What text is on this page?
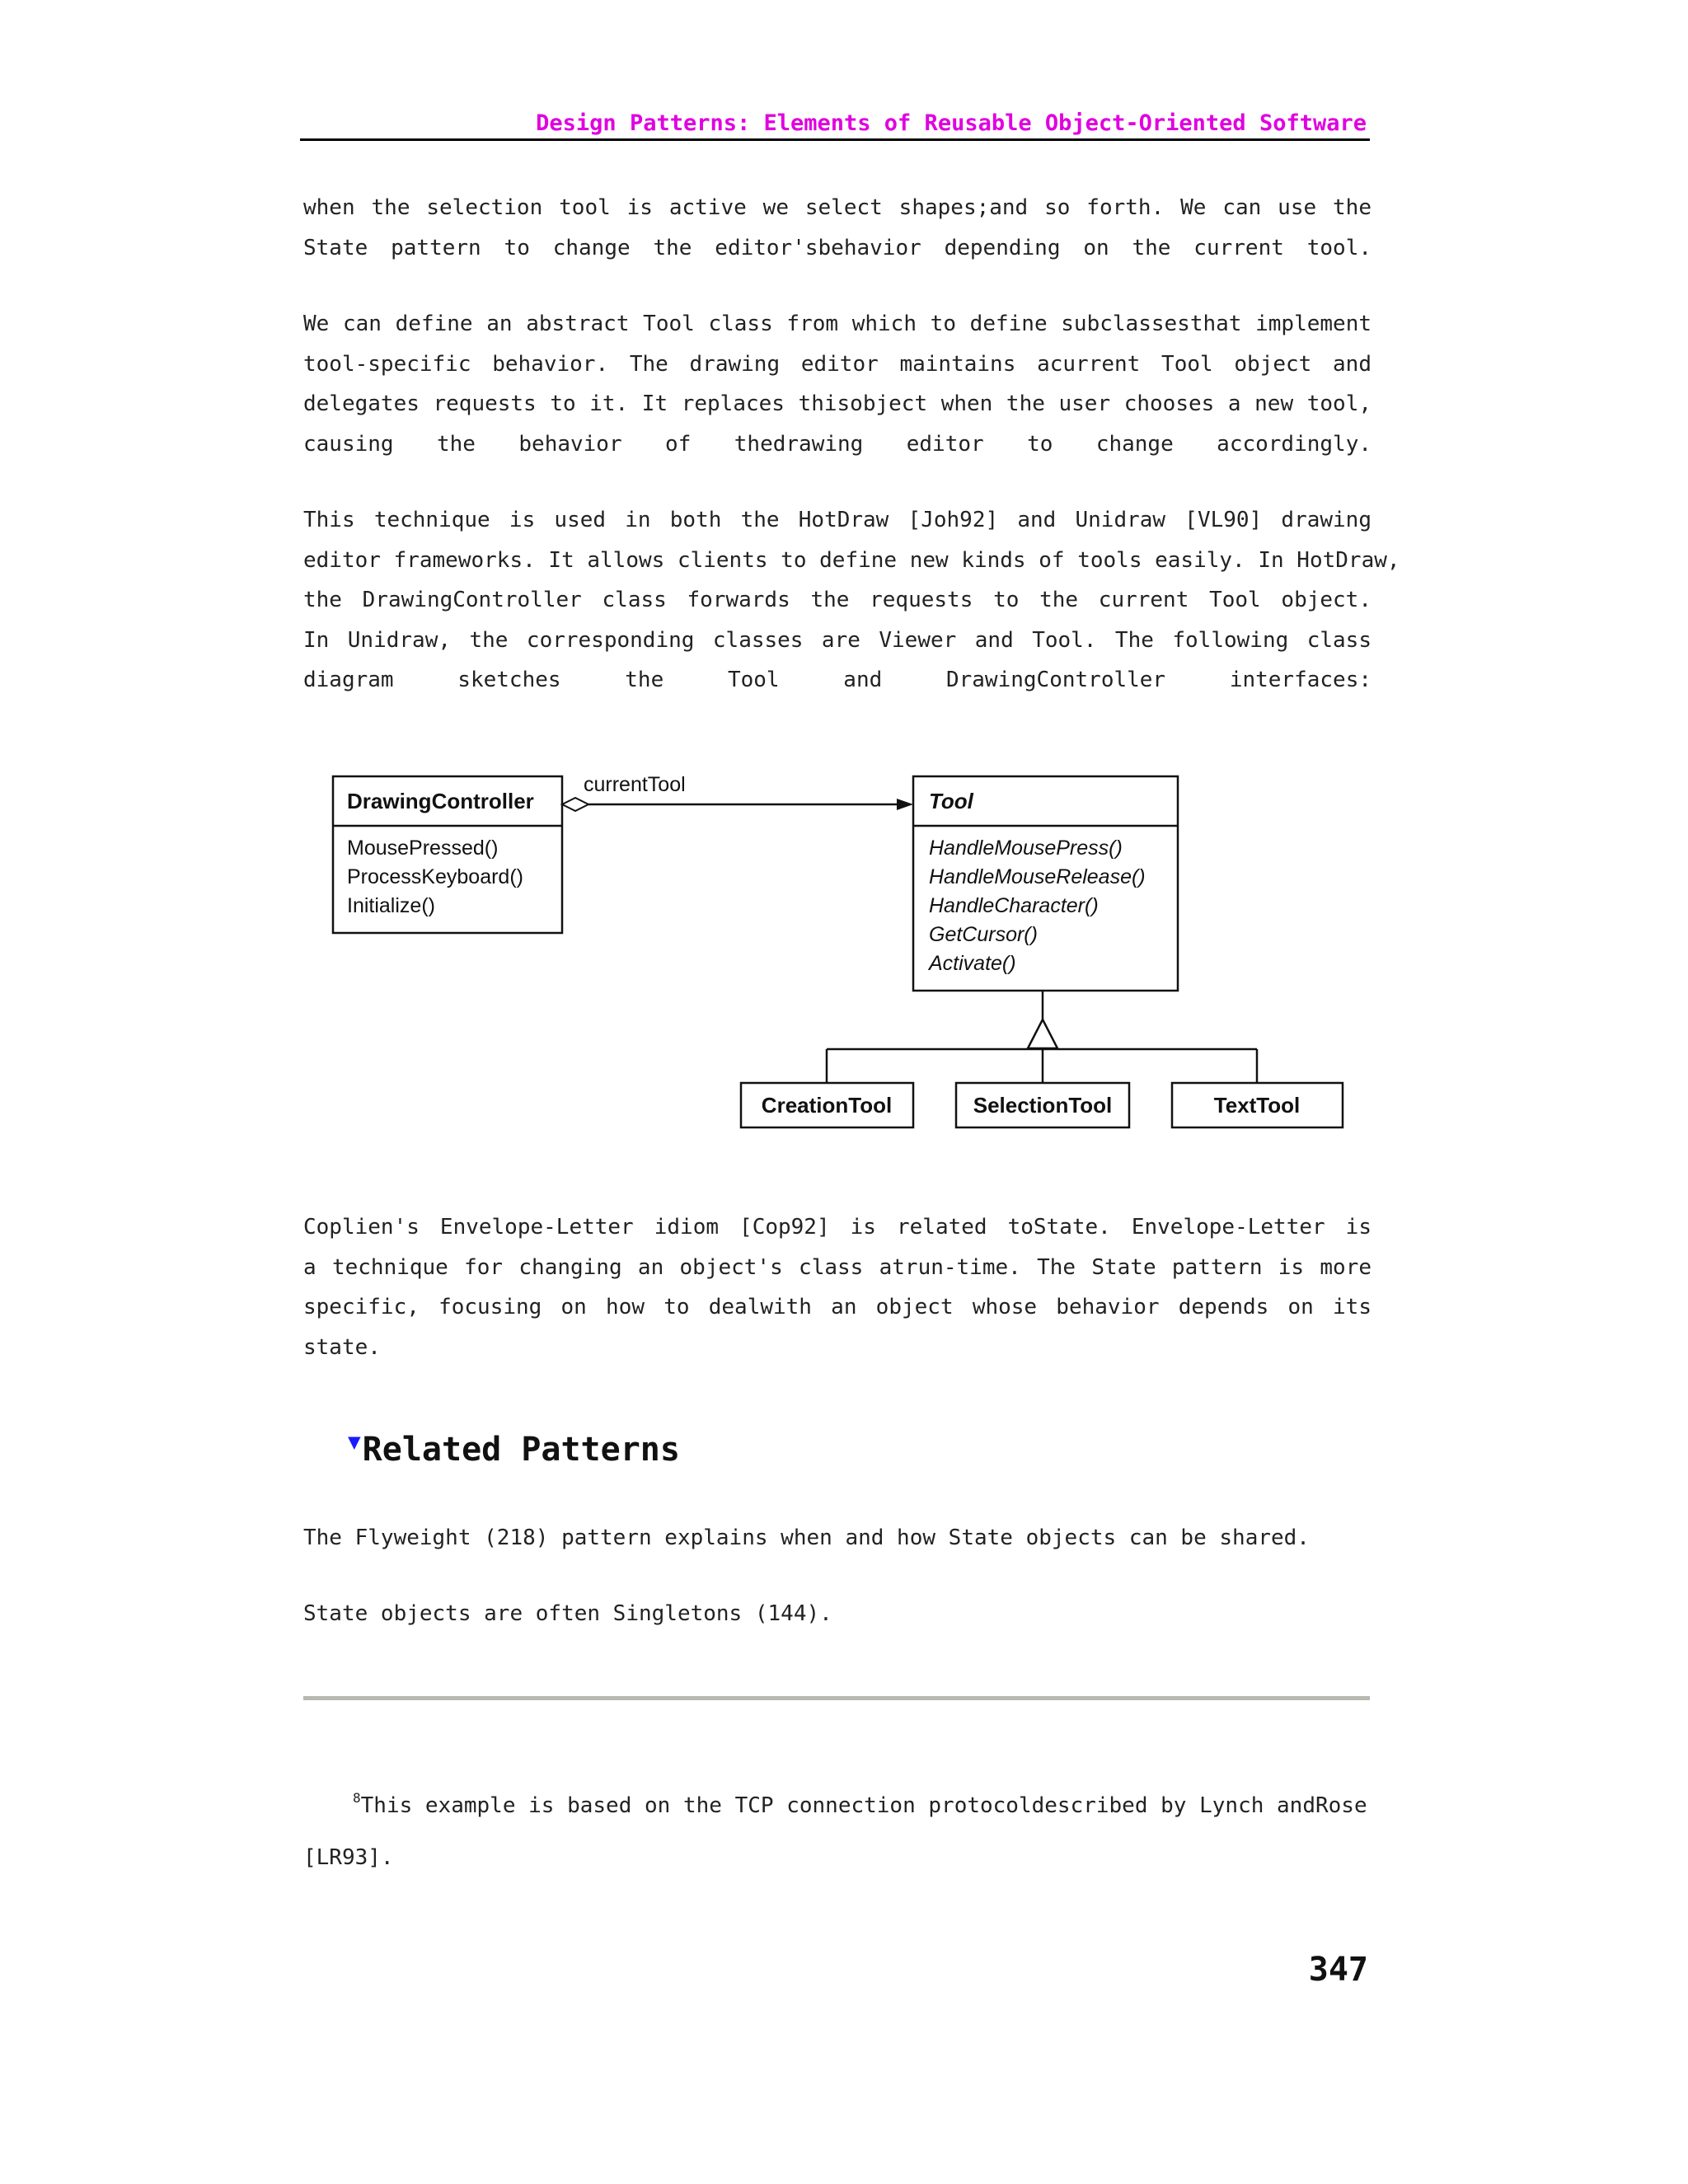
Design Patterns: Elements of Reusable Object-Oriented Software

when the selection tool is active we select shapes;and so forth. We can use the
State pattern to change the editor'sbehavior depending on the current tool.

We can define an abstract Tool class from which to define subclassesthat implement
tool-specific behavior. The drawing editor maintains acurrent Tool object and
delegates requests to it. It replaces thisobject when the user chooses a new tool,
causing the behavior of thedrawing editor to change accordingly.

This technique is used in both the HotDraw [Joh92] and Unidraw [VL90] drawing
editor frameworks. It allows clients to define new kinds of tools easily. In HotDraw,
the DrawingController class forwards the requests to the current Tool object.
In Unidraw, the corresponding classes are Viewer and Tool. The following class
diagram sketches the Tool and DrawingController interfaces:

DrawingController
MousePressed()
ProcessKeyboard()
Initialize()
currentTool
Tool
HandleMousePress()
HandleMouseRelease()
HandleCharacter()
GetCursor()
Activate()
CreationTool	SelectionTool	TextTool

Coplien's Envelope-Letter idiom [Cop92] is related toState. Envelope-Letter is
a technique for changing an object's class atrun-time. The State pattern is more
specific, focusing on how to dealwith an object whose behavior depends on its
state.

▼Related Patterns

The Flyweight (218) pattern explains when and how State objects can be shared.

State objects are often Singletons (144).

$^8$This example is based on the TCP connection protocoldescribed by Lynch andRose

[LR93].

347
